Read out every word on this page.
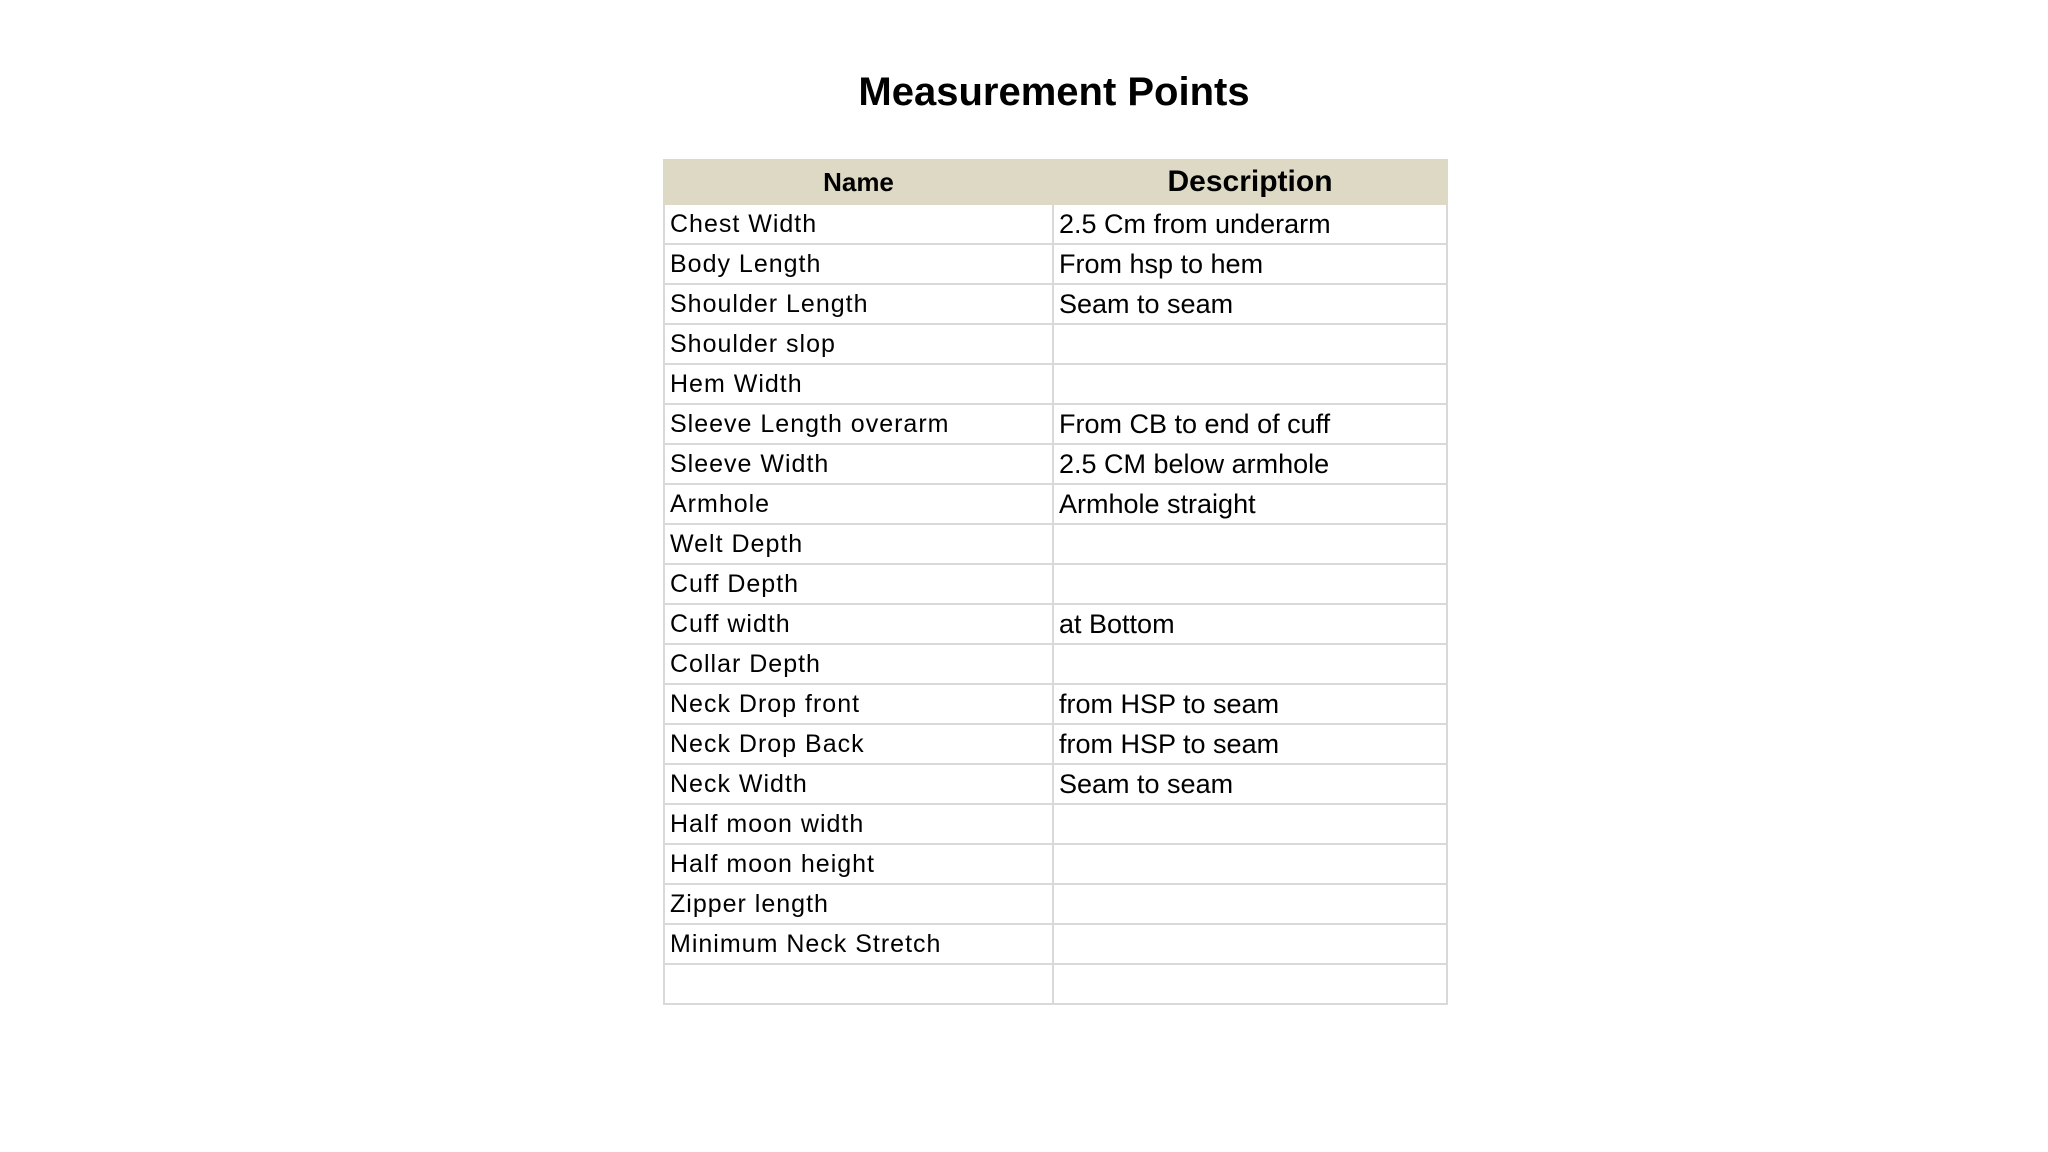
Measurement Points
Name	Description
Chest Width	2.5 Cm from underarm
Body Length	From hsp to hem
Shoulder Length	Seam to seam
Shoulder slop	
Hem Width	
Sleeve Length overarm	From CB to end of cuff
Sleeve Width	2.5 CM below armhole
Armhole	Armhole straight
Welt Depth	
Cuff Depth	
Cuff width	at Bottom
Collar Depth	
Neck Drop front	from HSP to seam
Neck Drop Back	from HSP to seam
Neck Width	Seam to seam
Half moon width	
Half moon height	
Zipper length	
Minimum Neck Stretch	
